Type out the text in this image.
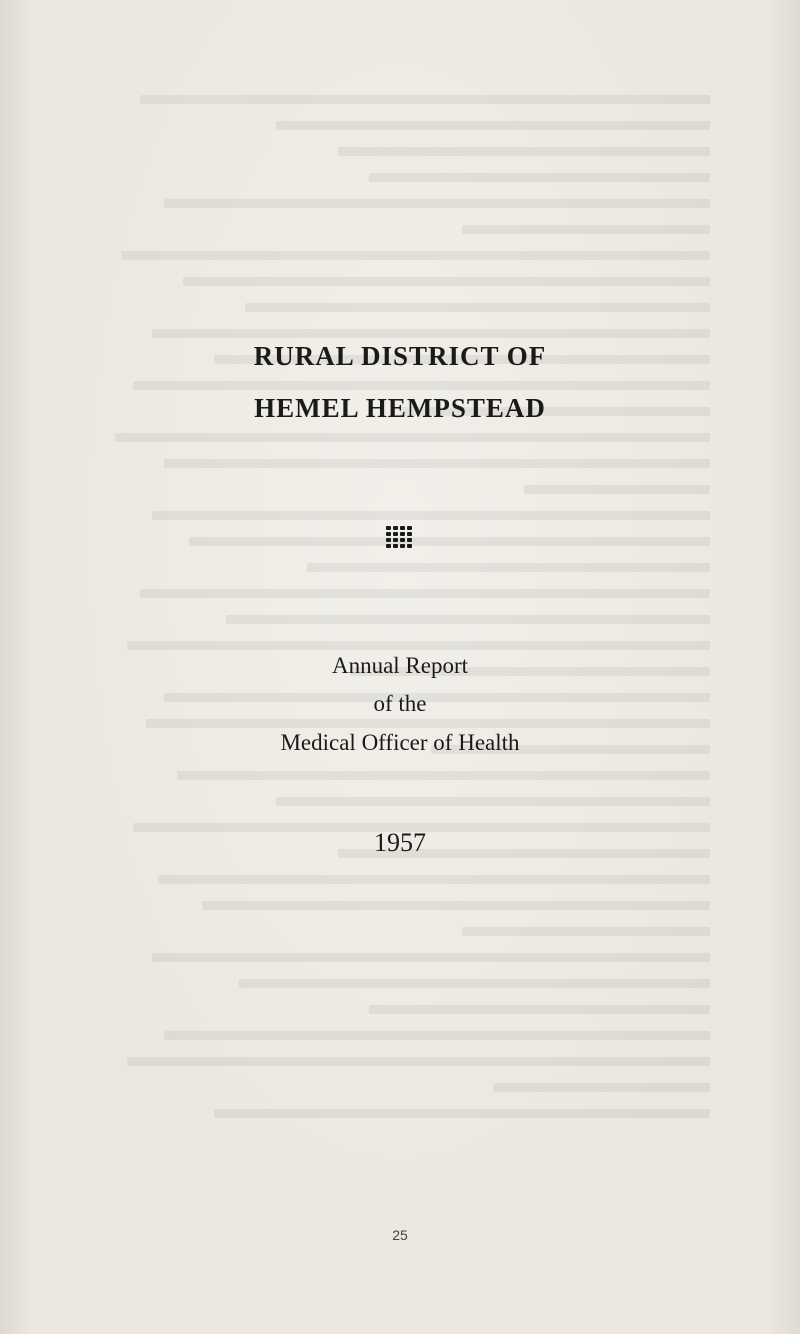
RURAL DISTRICT OF
HEMEL HEMPSTEAD
Annual Report
of the
Medical Officer of Health
1957
25
